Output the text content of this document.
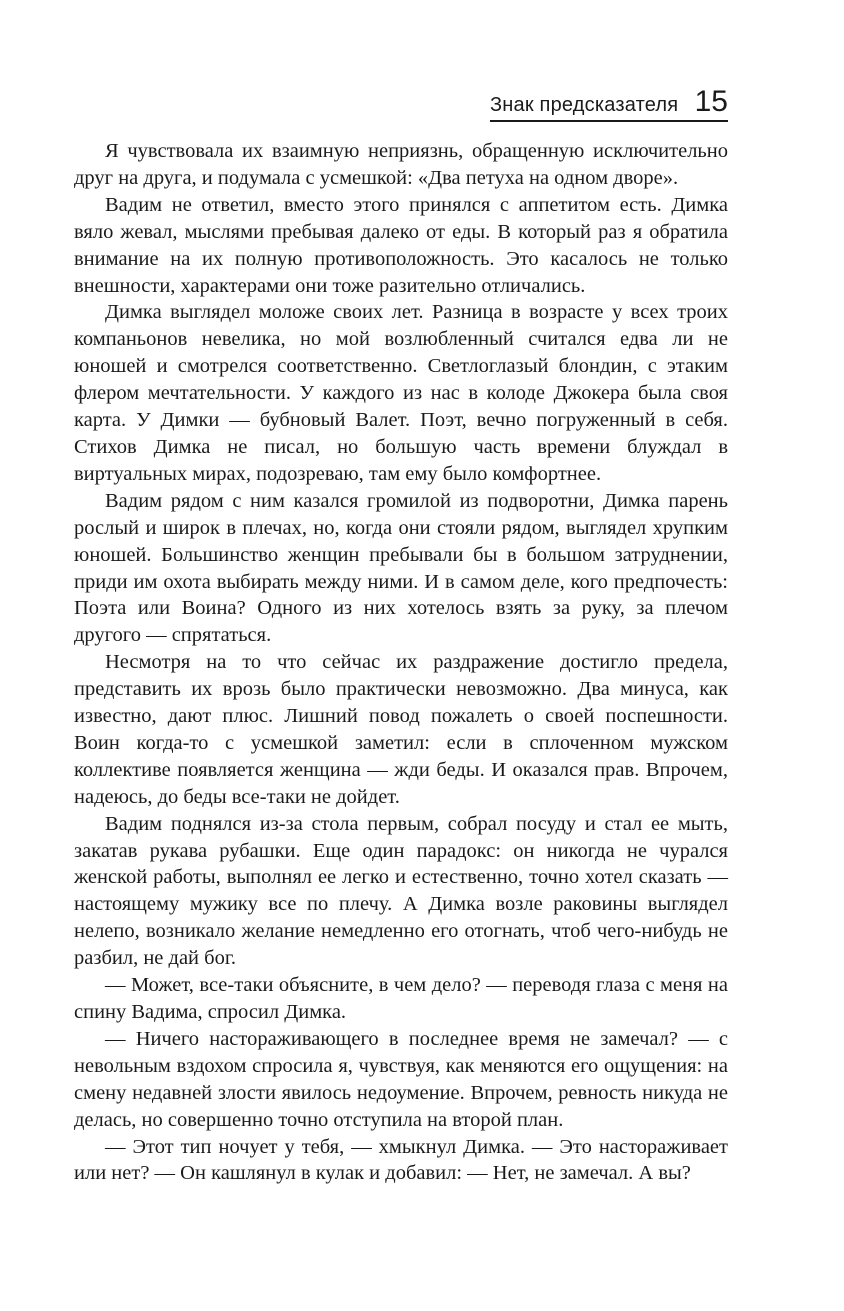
Знак предсказателя 15

Я чувствовала их взаимную неприязнь, обращенную исключительно друг на друга, и подумала с усмешкой: «Два петуха на одном дворе».

Вадим не ответил, вместо этого принялся с аппетитом есть. Димка вяло жевал, мыслями пребывая далеко от еды. В который раз я обратила внимание на их полную противоположность. Это касалось не только внешности, характерами они тоже разительно отличались.

Димка выглядел моложе своих лет. Разница в возрасте у всех троих компаньонов невелика, но мой возлюбленный считался едва ли не юношей и смотрелся соответственно. Светлоглазый блондин, с этаким флером мечтательности. У каждого из нас в колоде Джокера была своя карта. У Димки — бубновый Валет. Поэт, вечно погруженный в себя. Стихов Димка не писал, но большую часть времени блуждал в виртуальных мирах, подозреваю, там ему было комфортнее.

Вадим рядом с ним казался громилой из подворотни, Димка парень рослый и широк в плечах, но, когда они стояли рядом, выглядел хрупким юношей. Большинство женщин пребывали бы в большом затруднении, приди им охота выбирать между ними. И в самом деле, кого предпочесть: Поэта или Воина? Одного из них хотелось взять за руку, за плечом другого — спрятаться.

Несмотря на то что сейчас их раздражение достигло предела, представить их врозь было практически невозможно. Два минуса, как известно, дают плюс. Лишний повод пожалеть о своей поспешности. Воин когда-то с усмешкой заметил: если в сплоченном мужском коллективе появляется женщина — жди беды. И оказался прав. Впрочем, надеюсь, до беды все-таки не дойдет.

Вадим поднялся из-за стола первым, собрал посуду и стал ее мыть, закатав рукава рубашки. Еще один парадокс: он никогда не чурался женской работы, выполнял ее легко и естественно, точно хотел сказать — настоящему мужику все по плечу. А Димка возле раковины выглядел нелепо, возникало желание немедленно его отогнать, чтоб чего-нибудь не разбил, не дай бог.

— Может, все-таки объясните, в чем дело? — переводя глаза с меня на спину Вадима, спросил Димка.

— Ничего настораживающего в последнее время не замечал? — с невольным вздохом спросила я, чувствуя, как меняются его ощущения: на смену недавней злости явилось недоумение. Впрочем, ревность никуда не делась, но совершенно точно отступила на второй план.

— Этот тип ночует у тебя, — хмыкнул Димка. — Это настораживает или нет? — Он кашлянул в кулак и добавил: — Нет, не замечал. А вы?
